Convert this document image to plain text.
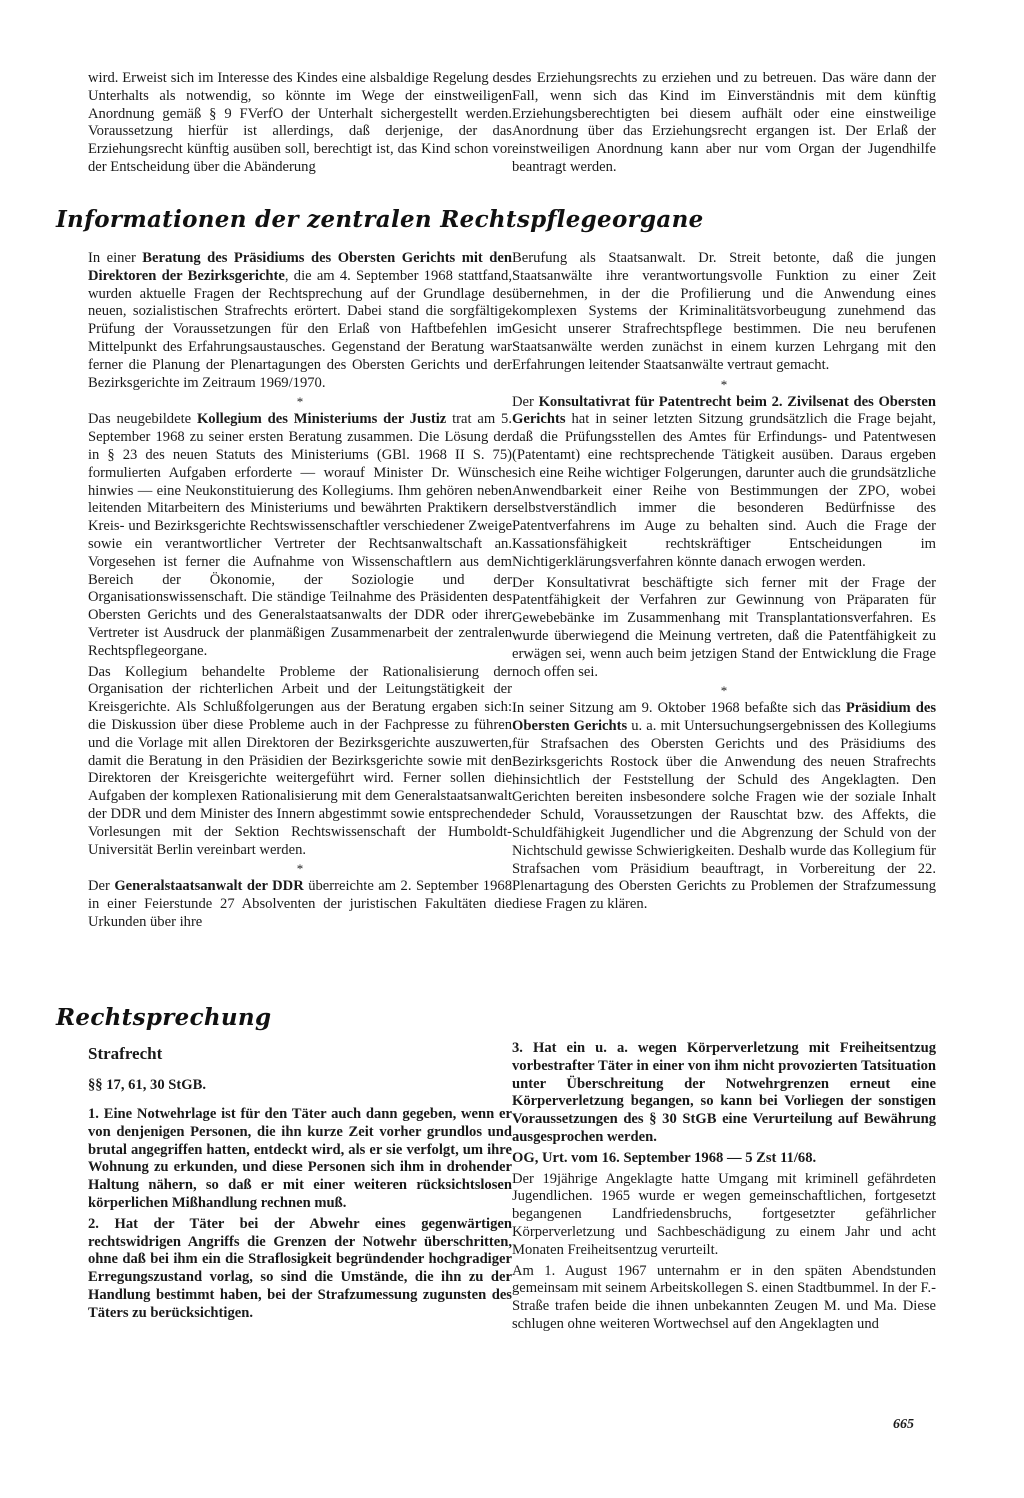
wird. Erweist sich im Interesse des Kindes eine alsbaldige Regelung des Unterhalts als notwendig, so könnte im Wege der einstweiligen Anordnung gemäß § 9 FVerfO der Unterhalt sichergestellt werden. Voraussetzung hierfür ist allerdings, daß derjenige, der das Erziehungsrecht künftig ausüben soll, berechtigt ist, das Kind schon vor der Entscheidung über die Abänderung

des Erziehungsrechts zu erziehen und zu betreuen. Das wäre dann der Fall, wenn sich das Kind im Einverständnis mit dem künftig Erziehungsberechtigten bei diesem aufhält oder eine einstweilige Anordnung über das Erziehungsrecht ergangen ist. Der Erlaß der einstweiligen Anordnung kann aber nur vom Organ der Jugendhilfe beantragt werden.

Informationen der zentralen Rechtspflegeorgane

In einer Beratung des Präsidiums des Obersten Gerichts mit den Direktoren der Bezirksgerichte, die am 4. September 1968 stattfand, wurden aktuelle Fragen der Rechtsprechung auf der Grundlage des neuen, sozialistischen Strafrechts erörtert. Dabei stand die sorgfältige Prüfung der Voraussetzungen für den Erlaß von Haftbefehlen im Mittelpunkt des Erfahrungsaustausches. Gegenstand der Beratung war ferner die Planung der Plenartagungen des Obersten Gerichts und der Bezirksgerichte im Zeitraum 1969/1970.

*

Das neugebildete Kollegium des Ministeriums der Justiz trat am 5. September 1968 zu seiner ersten Beratung zusammen. Die Lösung der in § 23 des neuen Statuts des Ministeriums (GBl. 1968 II S. 75) formulierten Aufgaben erforderte — worauf Minister Dr. Wünsche hinwies — eine Neukonstituierung des Kollegiums. Ihm gehören neben leitenden Mitarbeitern des Ministeriums und bewährten Praktikern der Kreis- und Bezirksgerichte Rechtswissenschaftler verschiedener Zweige sowie ein verantwortlicher Vertreter der Rechtsanwaltschaft an. Vorgesehen ist ferner die Aufnahme von Wissenschaftlern aus dem Bereich der Ökonomie, der Soziologie und der Organisationswissenschaft. Die ständige Teilnahme des Präsidenten des Obersten Gerichts und des Generalstaatsanwalts der DDR oder ihrer Vertreter ist Ausdruck der planmäßigen Zusammenarbeit der zentralen Rechtspflegeorgane.

Das Kollegium behandelte Probleme der Rationalisierung der Organisation der richterlichen Arbeit und der Leitungstätigkeit der Kreisgerichte. Als Schlußfolgerungen aus der Beratung ergaben sich: die Diskussion über diese Probleme auch in der Fachpresse zu führen und die Vorlage mit allen Direktoren der Bezirksgerichte auszuwerten, damit die Beratung in den Präsidien der Bezirksgerichte sowie mit den Direktoren der Kreisgerichte weitergeführt wird. Ferner sollen die Aufgaben der komplexen Rationalisierung mit dem Generalstaatsanwalt der DDR und dem Minister des Innern abgestimmt sowie entsprechende Vorlesungen mit der Sektion Rechtswissenschaft der Humboldt-Universität Berlin vereinbart werden.

*

Der Generalstaatsanwalt der DDR überreichte am 2. September 1968 in einer Feierstunde 27 Absolventen der juristischen Fakultäten die Urkunden über ihre

Berufung als Staatsanwalt. Dr. Streit betonte, daß die jungen Staatsanwälte ihre verantwortungsvolle Funktion zu einer Zeit übernehmen, in der die Profilierung und die Anwendung eines komplexen Systems der Kriminalitätsvorbeugung zunehmend das Gesicht unserer Strafrechtspflege bestimmen. Die neu berufenen Staatsanwälte werden zunächst in einem kurzen Lehrgang mit den Erfahrungen leitender Staatsanwälte vertraut gemacht.

*

Der Konsultativrat für Patentrecht beim 2. Zivilsenat des Obersten Gerichts hat in seiner letzten Sitzung grundsätzlich die Frage bejaht, daß die Prüfungsstellen des Amtes für Erfindungs- und Patentwesen (Patentamt) eine rechtsprechende Tätigkeit ausüben. Daraus ergeben sich eine Reihe wichtiger Folgerungen, darunter auch die grundsätzliche Anwendbarkeit einer Reihe von Bestimmungen der ZPO, wobei selbstverständlich immer die besonderen Bedürfnisse des Patentverfahrens im Auge zu behalten sind. Auch die Frage der Kassationsfähigkeit rechtskräftiger Entscheidungen im Nichtigerklärungsverfahren könnte danach erwogen werden.

Der Konsultativrat beschäftigte sich ferner mit der Frage der Patentfähigkeit der Verfahren zur Gewinnung von Präparaten für Gewebebänke im Zusammenhang mit Transplantationsverfahren. Es wurde überwiegend die Meinung vertreten, daß die Patentfähigkeit zu erwägen sei, wenn auch beim jetzigen Stand der Entwicklung die Frage noch offen sei.

*

In seiner Sitzung am 9. Oktober 1968 befaßte sich das Präsidium des Obersten Gerichts u. a. mit Untersuchungsergebnissen des Kollegiums für Strafsachen des Obersten Gerichts und des Präsidiums des Bezirksgerichts Rostock über die Anwendung des neuen Strafrechts hinsichtlich der Feststellung der Schuld des Angeklagten. Den Gerichten bereiten insbesondere solche Fragen wie der soziale Inhalt der Schuld, Voraussetzungen der Rauschtat bzw. des Affekts, die Schuldfähigkeit Jugendlicher und die Abgrenzung der Schuld von der Nichtschuld gewisse Schwierigkeiten. Deshalb wurde das Kollegium für Strafsachen vom Präsidium beauftragt, in Vorbereitung der 22. Plenartagung des Obersten Gerichts zu Problemen der Strafzumessung diese Fragen zu klären.

Rechtsprechung
Strafrecht
§§ 17, 61, 30 StGB.

1. Eine Notwehrlage ist für den Täter auch dann gegeben, wenn er von denjenigen Personen, die ihn kurze Zeit vorher grundlos und brutal angegriffen hatten, entdeckt wird, als er sie verfolgt, um ihre Wohnung zu erkunden, und diese Personen sich ihm in drohender Haltung nähern, so daß er mit einer weiteren rücksichtslosen körperlichen Mißhandlung rechnen muß.

2. Hat der Täter bei der Abwehr eines gegenwärtigen rechtswidrigen Angriffs die Grenzen der Notwehr überschritten, ohne daß bei ihm ein die Straflosigkeit begründender hochgradiger Erregungszustand vorlag, so sind die Umstände, die ihn zu der Handlung bestimmt haben, bei der Strafzumessung zugunsten des Täters zu berücksichtigen.

3. Hat ein u. a. wegen Körperverletzung mit Freiheitsentzug vorbestrafter Täter in einer von ihm nicht provozierten Tatsituation unter Überschreitung der Notwehrgrenzen erneut eine Körperverletzung begangen, so kann bei Vorliegen der sonstigen Voraussetzungen des § 30 StGB eine Verurteilung auf Bewährung ausgesprochen werden.

OG, Urt. vom 16. September 1968 — 5 Zst 11/68.

Der 19jährige Angeklagte hatte Umgang mit kriminell gefährdeten Jugendlichen. 1965 wurde er wegen gemeinschaftlichen, fortgesetzt begangenen Landfriedensbruchs, fortgesetzter gefährlicher Körperverletzung und Sachbeschädigung zu einem Jahr und acht Monaten Freiheitsentzug verurteilt.

Am 1. August 1967 unternahm er in den späten Abendstunden gemeinsam mit seinem Arbeitskollegen S. einen Stadtbummel. In der F.-Straße trafen beide die ihnen unbekannten Zeugen M. und Ma. Diese schlugen ohne weiteren Wortwechsel auf den Angeklagten und

665
